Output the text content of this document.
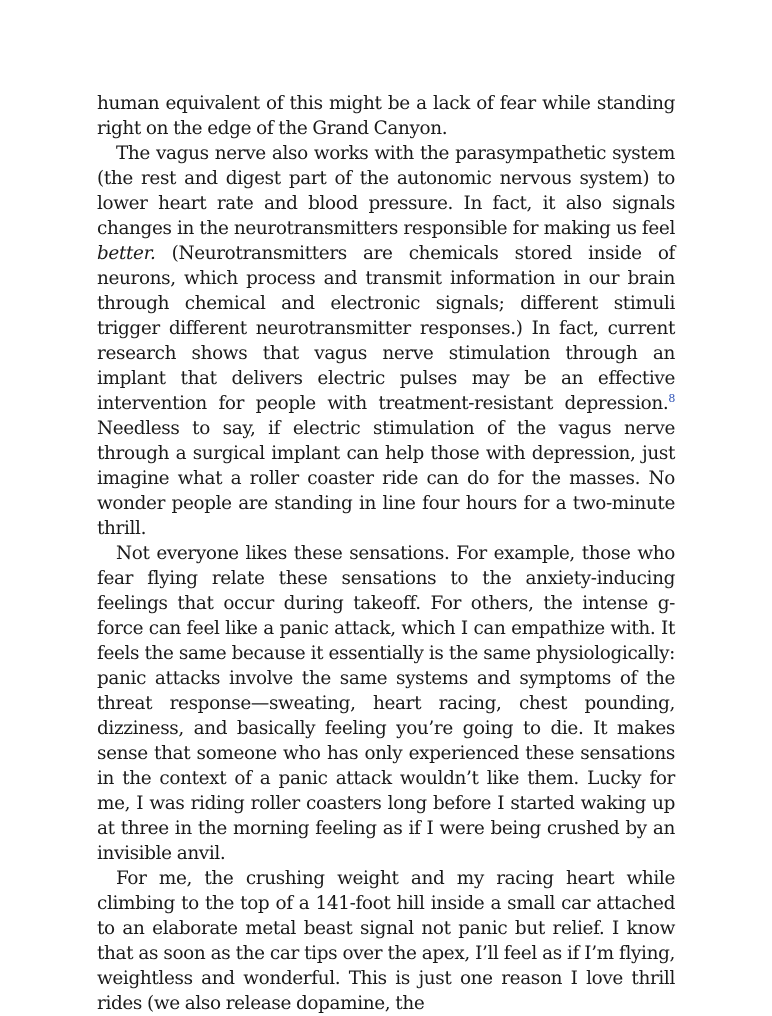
human equivalent of this might be a lack of fear while standing right on the edge of the Grand Canyon.

The vagus nerve also works with the parasympathetic system (the rest and digest part of the autonomic nervous system) to lower heart rate and blood pressure. In fact, it also signals changes in the neurotransmitters responsible for making us feel better. (Neurotransmitters are chemicals stored inside of neurons, which process and transmit information in our brain through chemical and electronic signals; different stimuli trigger different neurotransmitter responses.) In fact, current research shows that vagus nerve stimulation through an implant that delivers electric pulses may be an effective intervention for people with treatment-resistant depression.$^8$ Needless to say, if electric stimulation of the vagus nerve through a surgical implant can help those with depression, just imagine what a roller coaster ride can do for the masses. No wonder people are standing in line four hours for a two-minute thrill.

Not everyone likes these sensations. For example, those who fear flying relate these sensations to the anxiety-inducing feelings that occur during takeoff. For others, the intense g-force can feel like a panic attack, which I can empathize with. It feels the same because it essentially is the same physiologically: panic attacks involve the same systems and symptoms of the threat response—sweating, heart racing, chest pounding, dizziness, and basically feeling you’re going to die. It makes sense that someone who has only experienced these sensations in the context of a panic attack wouldn’t like them. Lucky for me, I was riding roller coasters long before I started waking up at three in the morning feeling as if I were being crushed by an invisible anvil.

For me, the crushing weight and my racing heart while climbing to the top of a 141-foot hill inside a small car attached to an elaborate metal beast signal not panic but relief. I know that as soon as the car tips over the apex, I’ll feel as if I’m flying, weightless and wonderful. This is just one reason I love thrill rides (we also release dopamine, the
